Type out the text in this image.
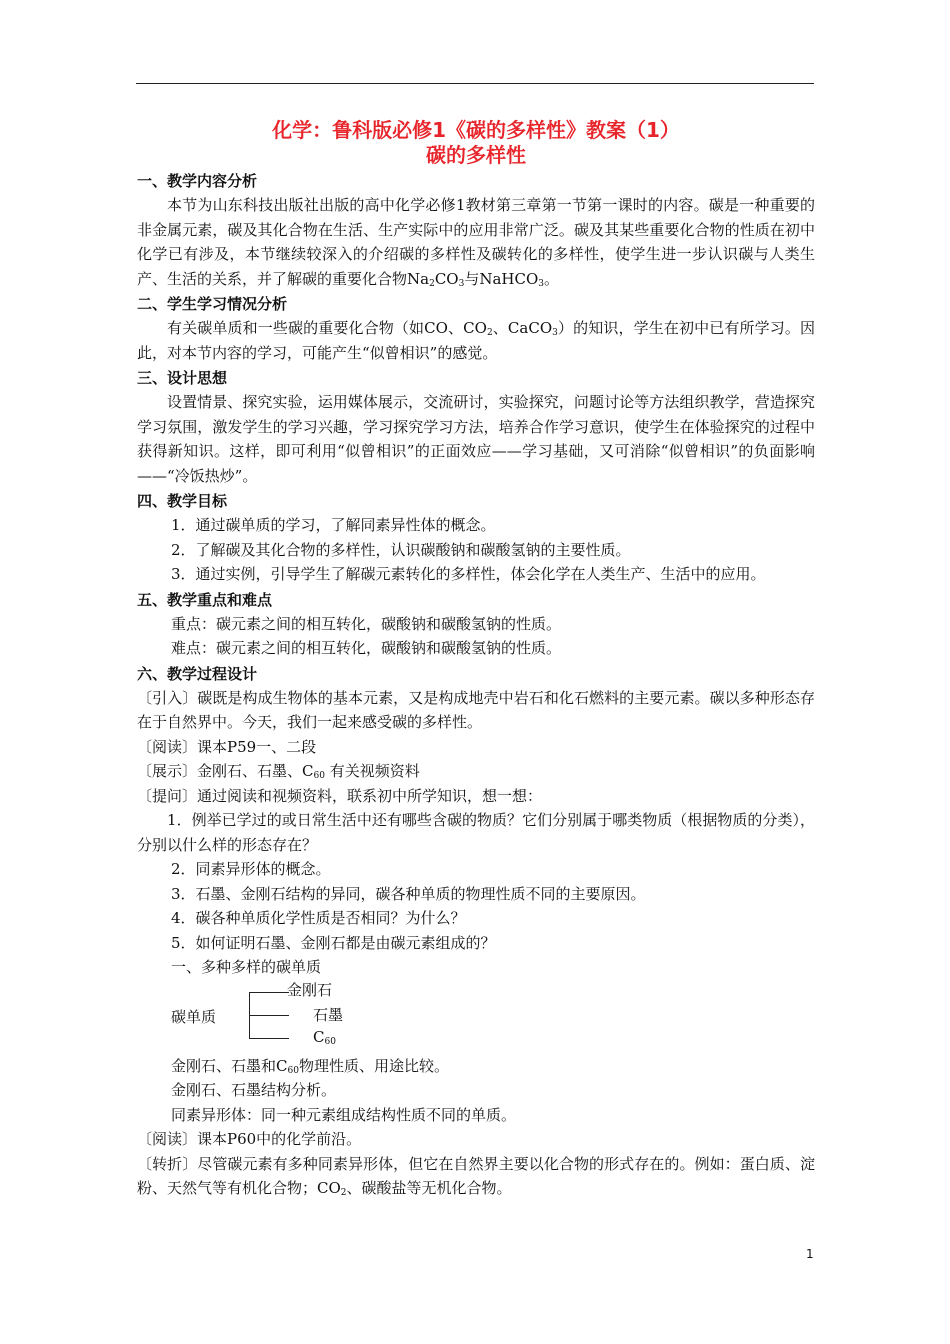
化学：鲁科版必修1《碳的多样性》教案（1）
碳的多样性
一、教学内容分析

本节为山东科技出版社出版的高中化学必修1教材第三章第一节第一课时的内容。碳是一种重要的非金属元素，碳及其化合物在生活、生产实际中的应用非常广泛。碳及其某些重要化合物的性质在初中化学已有涉及，本节继续较深入的介绍碳的多样性及碳转化的多样性，使学生进一步认识碳与人类生产、生活的关系，并了解碳的重要化合物$Na_2CO_3$与NaHCO$_3$。

二、学生学习情况分析

有关碳单质和一些碳的重要化合物（如CO、$CO_2$、CaCO$_3$）的知识，学生在初中已有所学习。因此，对本节内容的学习，可能产生“似曾相识”的感觉。

三、设计思想

设置情景、探究实验，运用媒体展示，交流研讨，实验探究，问题讨论等方法组织教学，营造探究学习氛围，激发学生的学习兴趣，学习探究学习方法，培养合作学习意识，使学生在体验探究的过程中获得新知识。这样，即可利用“似曾相识”的正面效应——学习基础，又可消除“似曾相识”的负面影响——“冷饭热炒”。

四、教学目标

1．通过碳单质的学习，了解同素异性体的概念。

2．了解碳及其化合物的多样性，认识碳酸钠和碳酸氢钠的主要性质。

3．通过实例，引导学生了解碳元素转化的多样性，体会化学在人类生产、生活中的应用。

五、教学重点和难点

重点：碳元素之间的相互转化，碳酸钠和碳酸氢钠的性质。

难点：碳元素之间的相互转化，碳酸钠和碳酸氢钠的性质。

六、教学过程设计

〔引入〕碳既是构成生物体的基本元素，又是构成地壳中岩石和化石燃料的主要元素。碳以多种形态存在于自然界中。今天，我们一起来感受碳的多样性。

〔阅读〕课本P59一、二段

〔展示〕金刚石、石墨、$C_{60}$ 有关视频资料

〔提问〕通过阅读和视频资料，联系初中所学知识，想一想：

1．例举已学过的或日常生活中还有哪些含碳的物质？它们分别属于哪类物质（根据物质的分类），分别以什么样的形态存在？

2．同素异形体的概念。

3．石墨、金刚石结构的异同，碳各种单质的物理性质不同的主要原因。

4．碳各种单质化学性质是否相同？为什么？

5．如何证明石墨、金刚石都是由碳元素组成的？

一、多种多样的碳单质

碳单质
金刚石
石墨
$C_{60}$

金刚石、石墨和$C_{60}$物理性质、用途比较。

金刚石、石墨结构分析。

同素异形体：同一种元素组成结构性质不同的单质。

〔阅读〕课本P60中的化学前沿。

〔转折〕尽管碳元素有多种同素异形体，但它在自然界主要以化合物的形式存在的。例如：蛋白质、淀粉、天然气等有机化合物；$CO_2$、碳酸盐等无机化合物。

1
